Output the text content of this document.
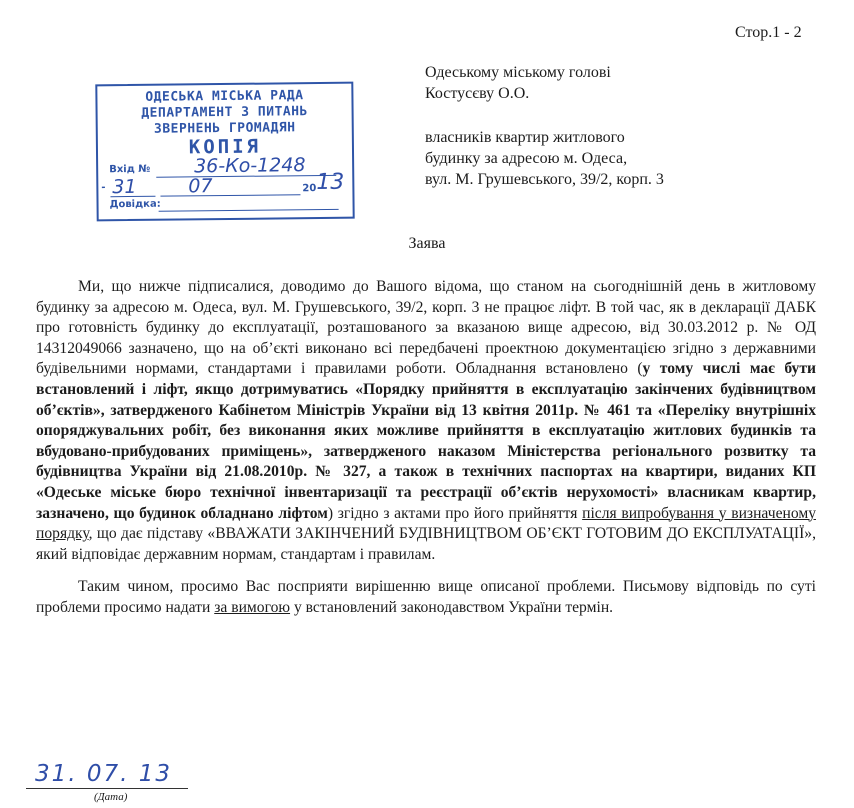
Стор.1 - 2
Одеському міському голові
Костусєву О.О.
власників квартир житлового
будинку за адресою м. Одеса,
вул. М. Грушевського, 39/2, корп. 3
ОДЕСЬКА МІСЬКА РАДА
ДЕПАРТАМЕНТ З ПИТАНЬ
ЗВЕРНЕНЬ ГРОМАДЯН
КОПІЯ
Вхід № 36-Ко-1248
- 31	07	20 13
Довідка:
Заява

Ми, що нижче підписалися, доводимо до Вашого відома, що станом на сьогоднішній день в житловому будинку за адресою м. Одеса, вул. М. Грушевського, 39/2, корп. 3 не працює ліфт. В той час, як в декларації ДАБК про готовність будинку до експлуатації, розташованого за вказаною вище адресою, від 30.03.2012 р. № ОД 14312049066 зазначено, що на об’єкті виконано всі передбачені проектною документацією згідно з державними будівельними нормами, стандартами і правилами роботи. Обладнання встановлено (у тому числі має бути встановлений і ліфт, якщо дотримуватись «Порядку прийняття в експлуатацію закінчених будівництвом об’єктів», затвердженого Кабінетом Міністрів України від 13 квітня 2011р. № 461 та «Переліку внутрішніх опоряджувальних робіт, без виконання яких можливе прийняття в експлуатацію житлових будинків та вбудовано-прибудованих приміщень», затвердженого наказом Міністерства регіонального розвитку та будівництва України від 21.08.2010р. № 327, а також в технічних паспортах на квартири, виданих КП «Одеське міське бюро технічної інвентаризації та реєстрації об’єктів нерухомості» власникам квартир, зазначено, що будинок обладнано ліфтом) згідно з актами про його прийняття після випробування у визначеному порядку, що дає підставу «ВВАЖАТИ ЗАКІНЧЕНИЙ БУДІВНИЦТВОМ ОБ’ЄКТ ГОТОВИМ ДО ЕКСПЛУАТАЦІЇ», який відповідає державним нормам, стандартам і правилам.

Таким чином, просимо Вас посприяти вирішенню вище описаної проблеми. Письмову відповідь по суті проблеми просимо надати за вимогою у встановлений законодавством України термін.

31. 07. 13
(Дата)
